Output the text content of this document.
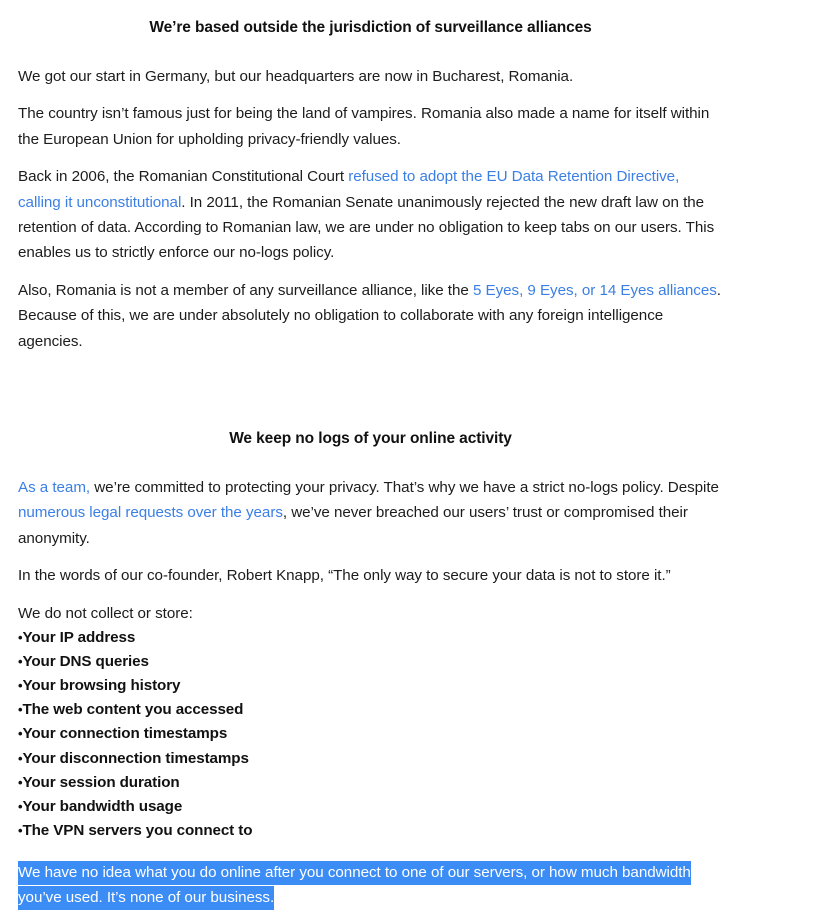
We’re based outside the jurisdiction of surveillance alliances

We got our start in Germany, but our headquarters are now in Bucharest, Romania.

The country isn’t famous just for being the land of vampires. Romania also made a name for itself within the European Union for upholding privacy-friendly values.

Back in 2006, the Romanian Constitutional Court refused to adopt the EU Data Retention Directive, calling it unconstitutional. In 2011, the Romanian Senate unanimously rejected the new draft law on the retention of data. According to Romanian law, we are under no obligation to keep tabs on our users. This enables us to strictly enforce our no-logs policy.

Also, Romania is not a member of any surveillance alliance, like the 5 Eyes, 9 Eyes, or 14 Eyes alliances. Because of this, we are under absolutely no obligation to collaborate with any foreign intelligence agencies.

We keep no logs of your online activity

As a team, we’re committed to protecting your privacy. That’s why we have a strict no-logs policy. Despite numerous legal requests over the years, we’ve never breached our users’ trust or compromised their anonymity.

In the words of our co-founder, Robert Knapp, “The only way to secure your data is not to store it.”

We do not collect or store:

•Your IP address
•Your DNS queries
•Your browsing history
•The web content you accessed
•Your connection timestamps
•Your disconnection timestamps
•Your session duration
•Your bandwidth usage
•The VPN servers you connect to

We have no idea what you do online after you connect to one of our servers, or how much bandwidth you’ve used. It’s none of our business.
